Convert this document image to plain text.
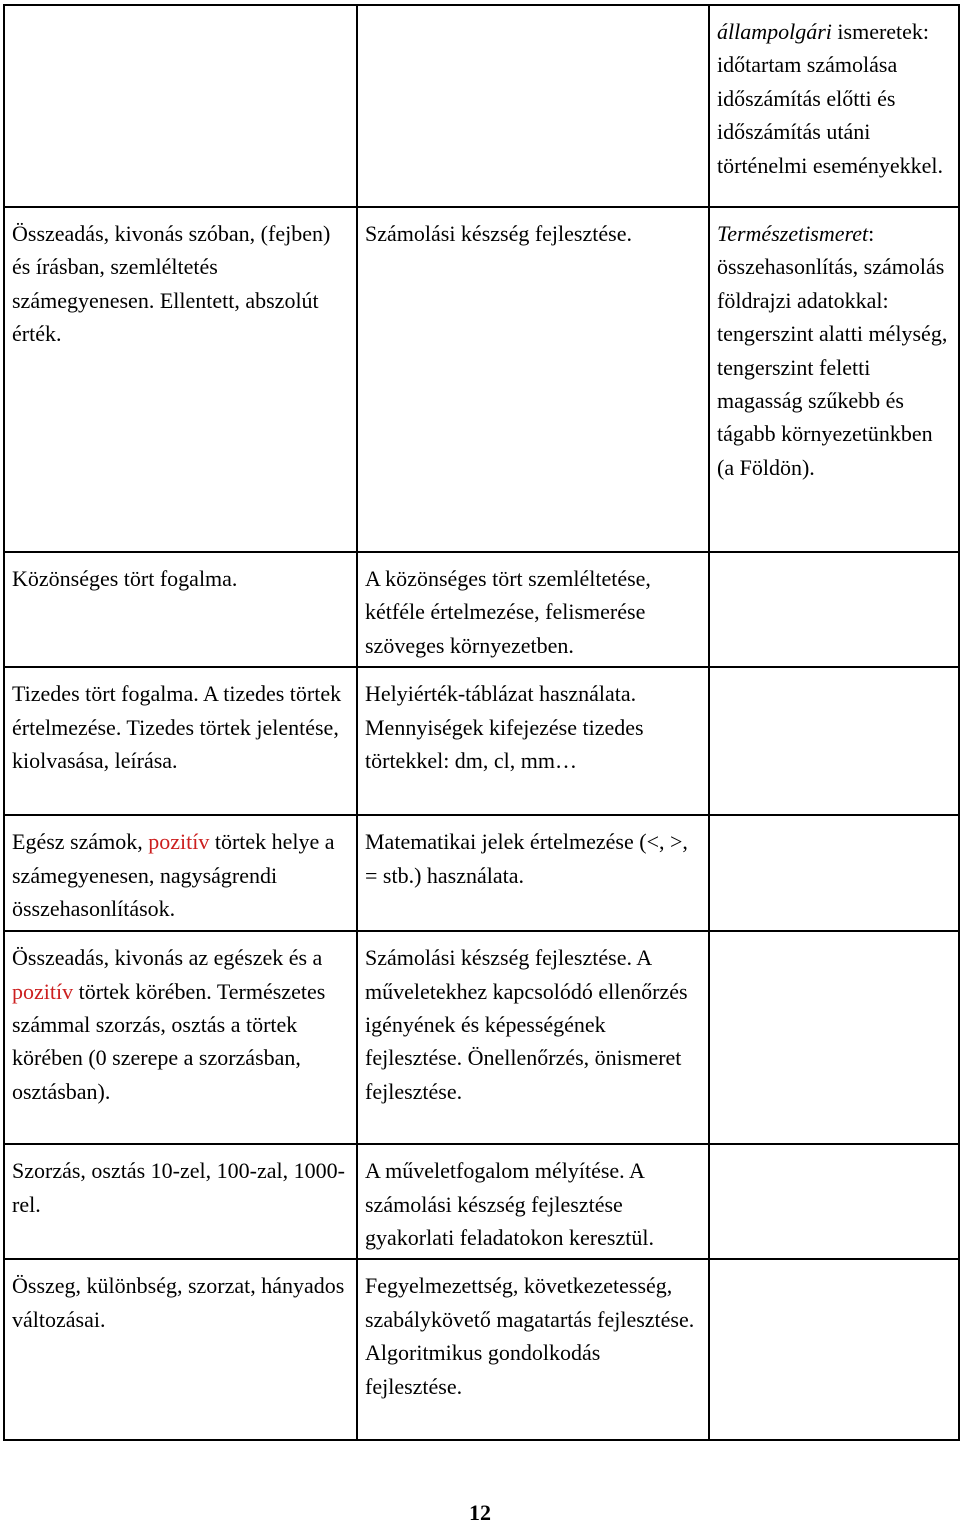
		állampolgári ismeretek: időtartam számolása időszámítás előtti és időszámítás utáni történelmi eseményekkel.
Összeadás, kivonás szóban, (fejben) és írásban, szemléltetés számegyenesen. Ellentett, abszolút érték.	Számolási készség fejlesztése.	Természetismeret: összehasonlítás, számolás földrajzi adatokkal: tengerszint alatti mélység, tengerszint feletti magasság szűkebb és tágabb környezetünkben (a Földön).
Közönséges tört fogalma.	A közönséges tört szemléltetése, kétféle értelmezése, felismerése szöveges környezetben.	
Tizedes tört fogalma. A tizedes törtek értelmezése. Tizedes törtek jelentése, kiolvasása, leírása.	Helyiérték-táblázat használata. Mennyiségek kifejezése tizedes törtekkel: dm, cl, mm…	
Egész számok, pozitív törtek helye a számegyenesen, nagyságrendi összehasonlítások.	Matematikai jelek értelmezése (<, >, = stb.) használata.	
Összeadás, kivonás az egészek és a pozitív törtek körében. Természetes számmal szorzás, osztás a törtek körében (0 szerepe a szorzásban, osztásban).	Számolási készség fejlesztése. A műveletekhez kapcsolódó ellenőrzés igényének és képességének fejlesztése. Önellenőrzés, önismeret fejlesztése.	
Szorzás, osztás 10-zel, 100-zal, 1000-rel.	A műveletfogalom mélyítése. A számolási készség fejlesztése gyakorlati feladatokon keresztül.	
Összeg, különbség, szorzat, hányados változásai.	Fegyelmezettség, következetesség, szabálykövető magatartás fejlesztése. Algoritmikus gondolkodás fejlesztése.	
12
